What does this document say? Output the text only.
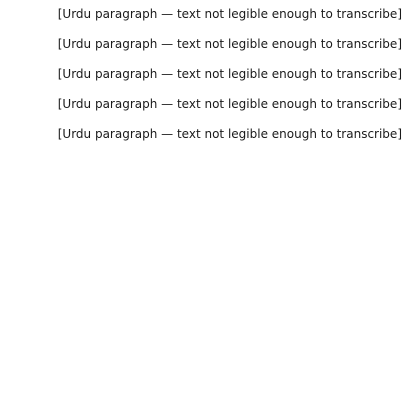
[Urdu paragraph — text not legible enough to transcribe]

[Urdu paragraph — text not legible enough to transcribe]

[Urdu paragraph — text not legible enough to transcribe]

[Urdu paragraph — text not legible enough to transcribe]

[Urdu paragraph — text not legible enough to transcribe]
